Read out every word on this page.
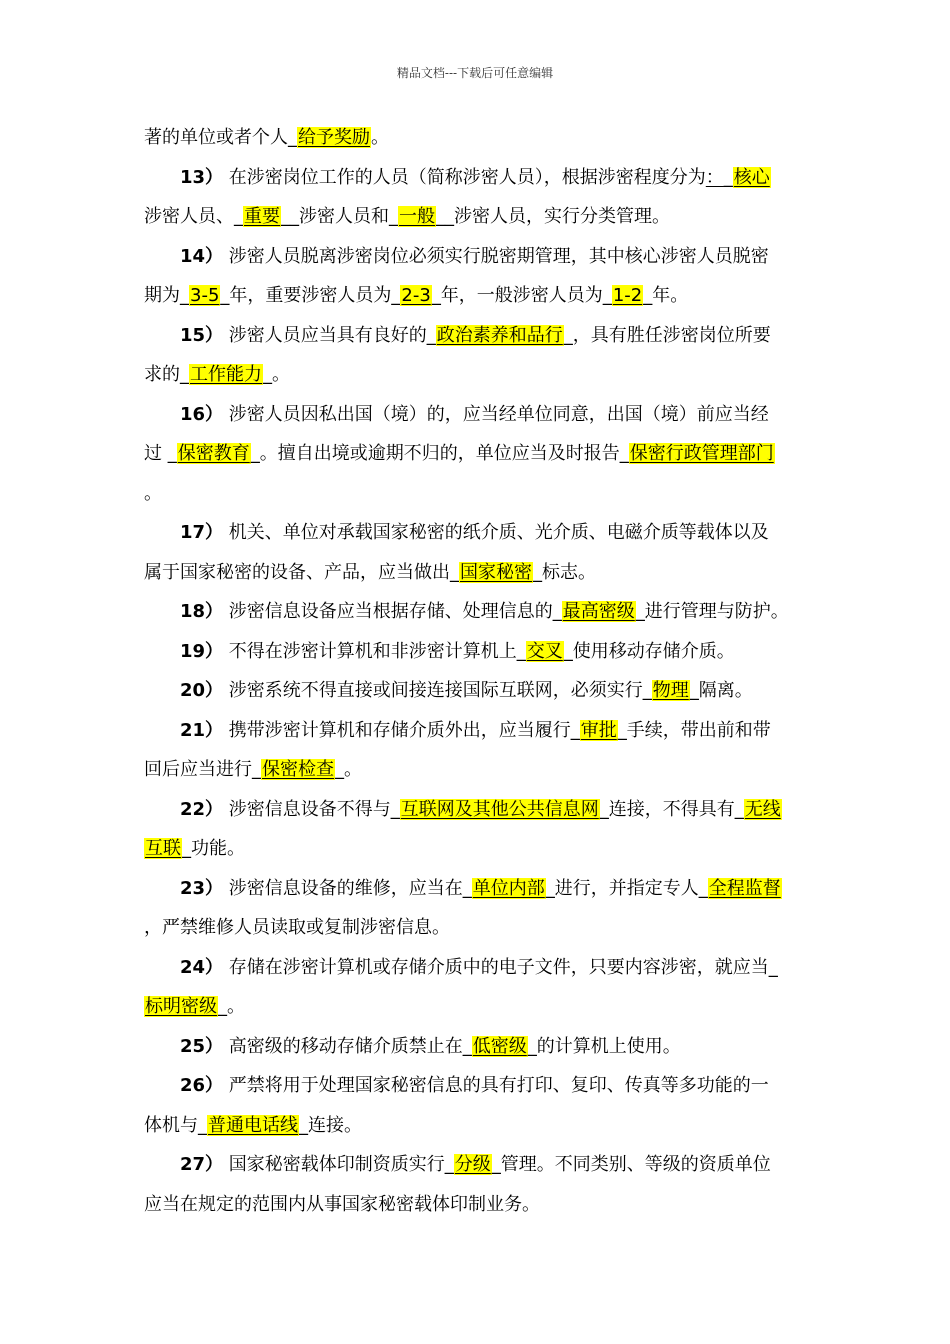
精品文档---下载后可任意编辑
著的单位或者个人_给予奖励。
13） 在涉密岗位工作的人员（简称涉密人员），根据涉密程度分为：_核心
涉密人员、_重要__涉密人员和_一般__涉密人员，实行分类管理。
14） 涉密人员脱离涉密岗位必须实行脱密期管理，其中核心涉密人员脱密
期为_3-5_年，重要涉密人员为_2-3_年，一般涉密人员为_1-2_年。
15） 涉密人员应当具有良好的_政治素养和品行_，具有胜任涉密岗位所要
求的_工作能力_。
16） 涉密人员因私出国（境）的，应当经单位同意，出国（境）前应当经
过 _保密教育_。擅自出境或逾期不归的，单位应当及时报告_保密行政管理部门
。
17） 机关、单位对承载国家秘密的纸介质、光介质、电磁介质等载体以及
属于国家秘密的设备、产品，应当做出_国家秘密_标志。
18） 涉密信息设备应当根据存储、处理信息的_最高密级_进行管理与防护。
19） 不得在涉密计算机和非涉密计算机上_交叉_使用移动存储介质。
20） 涉密系统不得直接或间接连接国际互联网，必须实行_物理_隔离。
21） 携带涉密计算机和存储介质外出，应当履行_审批_手续，带出前和带
回后应当进行_保密检查_。
22） 涉密信息设备不得与_互联网及其他公共信息网_连接，不得具有_无线
互联_功能。
23） 涉密信息设备的维修，应当在_单位内部_进行，并指定专人_全程监督
，严禁维修人员读取或复制涉密信息。
24） 存储在涉密计算机或存储介质中的电子文件，只要内容涉密，就应当_
标明密级_。
25） 高密级的移动存储介质禁止在_低密级_的计算机上使用。
26） 严禁将用于处理国家秘密信息的具有打印、复印、传真等多功能的一
体机与_普通电话线_连接。
27） 国家秘密载体印制资质实行_分级_管理。不同类别、等级的资质单位
应当在规定的范围内从事国家秘密载体印制业务。
